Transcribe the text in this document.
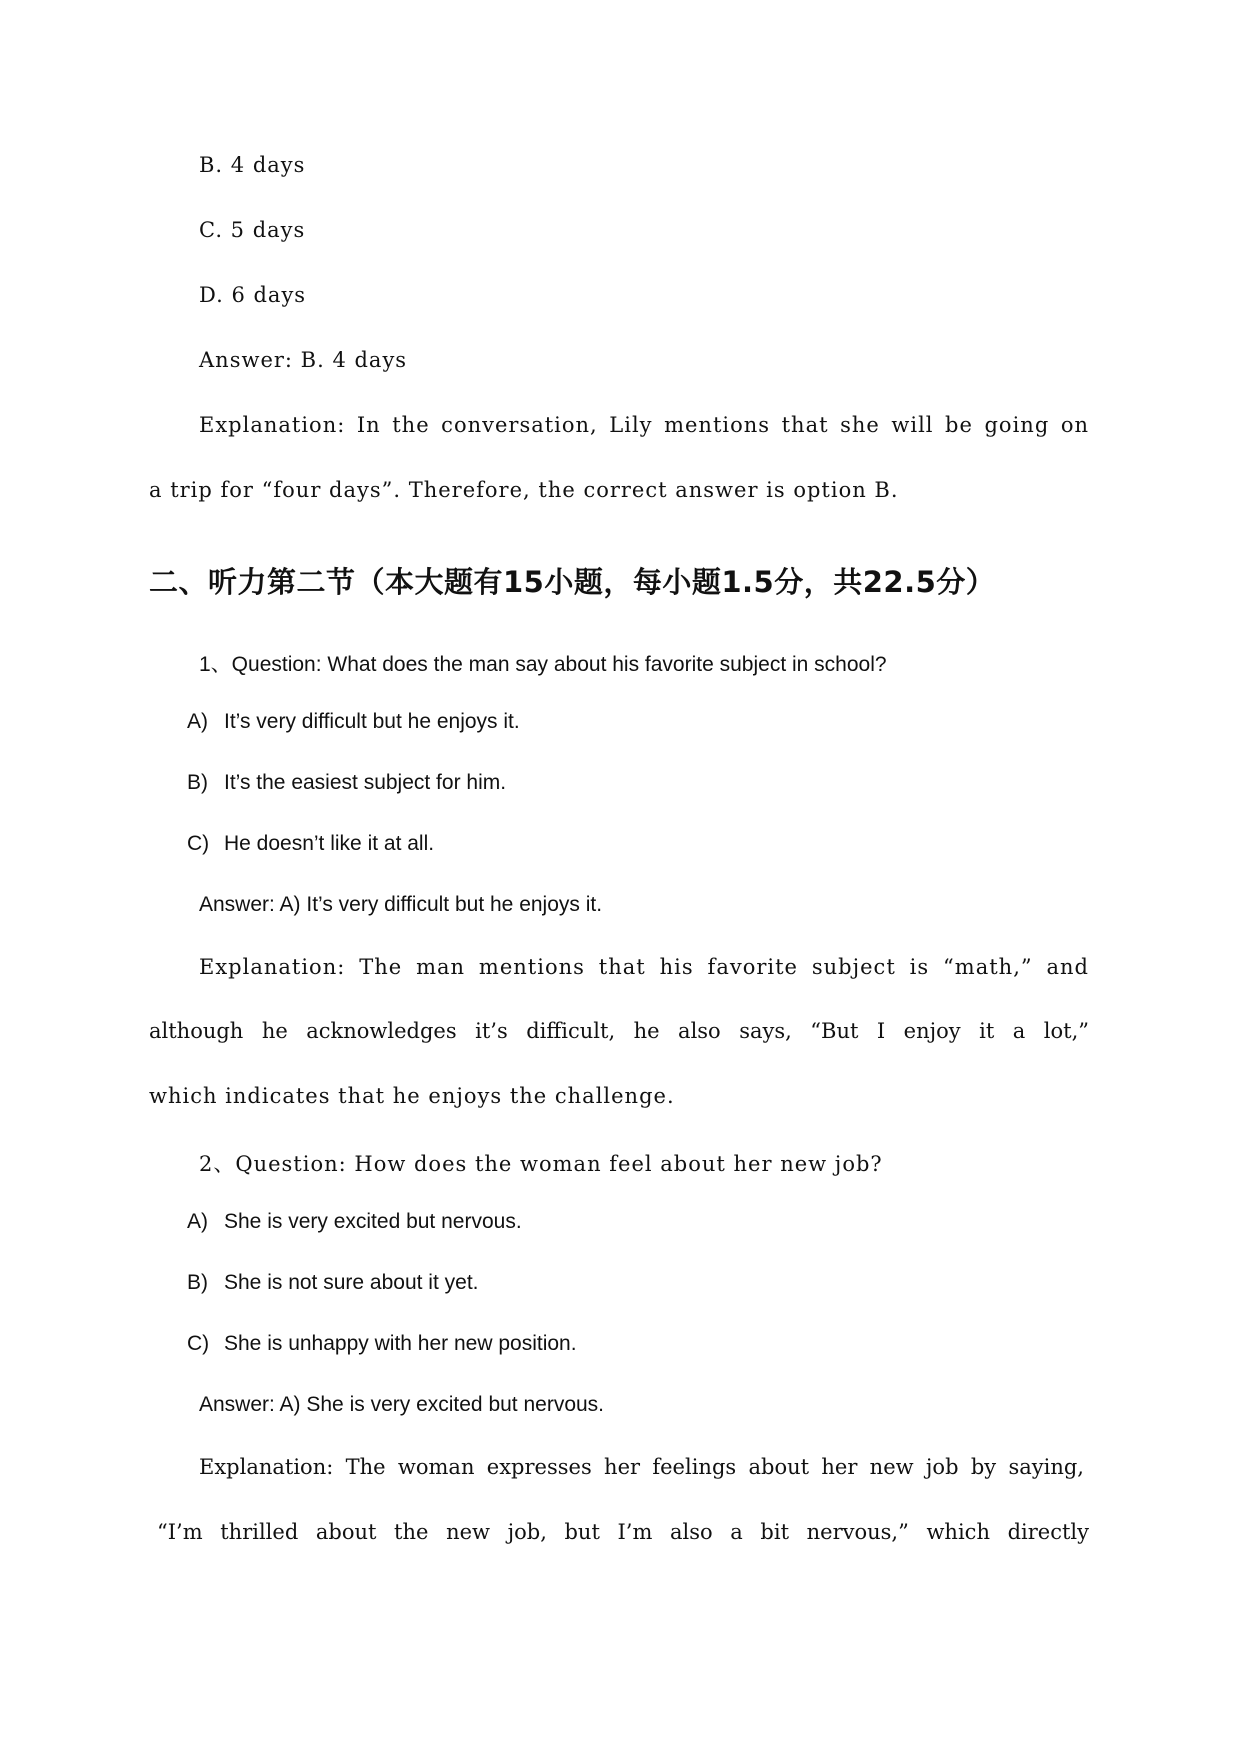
B. 4 days
C. 5 days
D. 6 days
Answer: B. 4 days
Explanation: In the conversation, Lily mentions that she will be going on
a trip for “four days”. Therefore, the correct answer is option B.
二、听力第二节（本大题有15小题，每小题1.5分，共22.5分）
1、Question: What does the man say about his favorite subject in school?
A) It’s very difficult but he enjoys it.
B) It’s the easiest subject for him.
C) He doesn’t like it at all.
Answer: A) It’s very difficult but he enjoys it.
Explanation: The man mentions that his favorite subject is “math,” and
although he acknowledges it’s difficult, he also says, “But I enjoy it a lot,”
which indicates that he enjoys the challenge.
2、Question: How does the woman feel about her new job?
A) She is very excited but nervous.
B) She is not sure about it yet.
C) She is unhappy with her new position.
Answer: A) She is very excited but nervous.
Explanation: The woman expresses her feelings about her new job by saying,
“I’m thrilled about the new job, but I’m also a bit nervous,” which directly
